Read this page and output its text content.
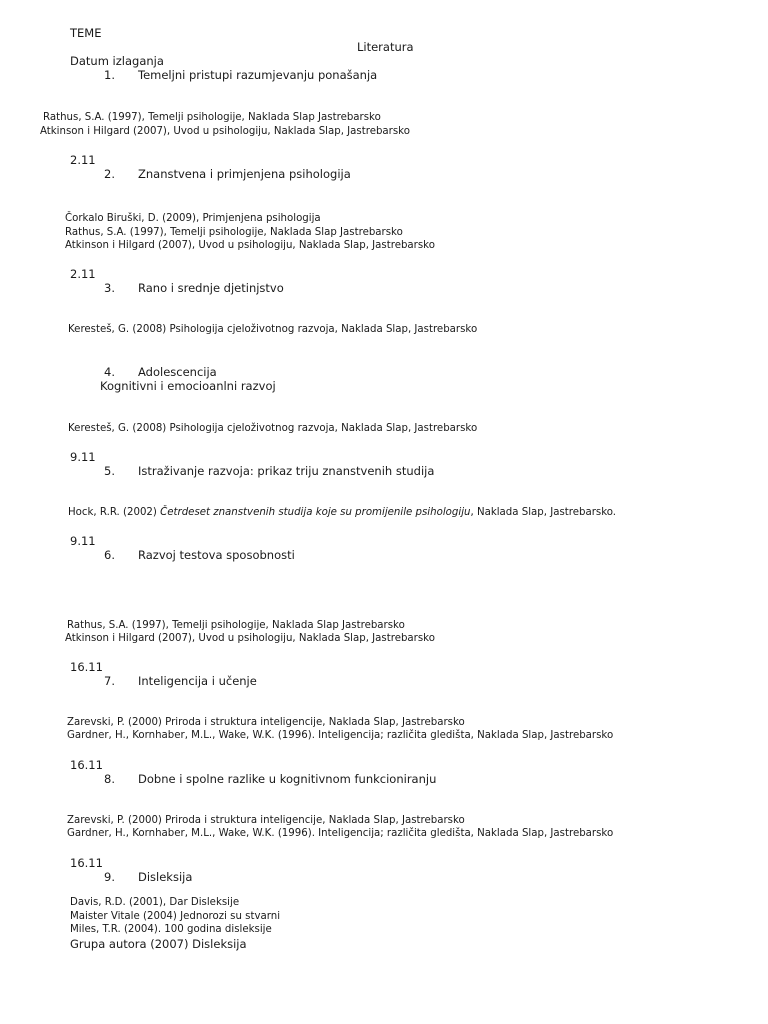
TEME
Literatura
Datum izlaganja
1. Temeljni pristupi razumjevanju ponašanja
Rathus, S.A. (1997), Temelji psihologije, Naklada Slap Jastrebarsko
Atkinson i Hilgard (2007), Uvod u psihologiju, Naklada Slap, Jastrebarsko
2.11
2. Znanstvena i primjenjena psihologija
Čorkalo Biruški, D. (2009), Primjenjena psihologija
Rathus, S.A. (1997), Temelji psihologije, Naklada Slap Jastrebarsko
Atkinson i Hilgard (2007), Uvod u psihologiju, Naklada Slap, Jastrebarsko
2.11
3. Rano i srednje djetinjstvo
Keresteš, G. (2008) Psihologija cjeloživotnog razvoja, Naklada Slap, Jastrebarsko
4. Adolescencija
Kognitivni i emocioanlni razvoj
Keresteš, G. (2008) Psihologija cjeloživotnog razvoja, Naklada Slap, Jastrebarsko
9.11
5. Istraživanje razvoja: prikaz triju znanstvenih studija
Hock, R.R. (2002) Četrdeset znanstvenih studija koje su promijenile psihologiju, Naklada Slap, Jastrebarsko.
9.11
6. Razvoj testova sposobnosti
Rathus, S.A. (1997), Temelji psihologije, Naklada Slap Jastrebarsko
Atkinson i Hilgard (2007), Uvod u psihologiju, Naklada Slap, Jastrebarsko
16.11
7. Inteligencija i učenje
Zarevski, P. (2000) Priroda i struktura inteligencije, Naklada Slap, Jastrebarsko
Gardner, H., Kornhaber, M.L., Wake, W.K. (1996). Inteligencija; različita gledišta, Naklada Slap, Jastrebarsko
16.11
8. Dobne i spolne razlike u kognitivnom funkcioniranju
Zarevski, P. (2000) Priroda i struktura inteligencije, Naklada Slap, Jastrebarsko
Gardner, H., Kornhaber, M.L., Wake, W.K. (1996). Inteligencija; različita gledišta, Naklada Slap, Jastrebarsko
16.11
9. Disleksija
Davis, R.D. (2001), Dar Disleksije
Maister Vitale (2004) Jednorozi su stvarni
Miles, T.R. (2004). 100 godina disleksije
Grupa autora (2007) Disleksija
